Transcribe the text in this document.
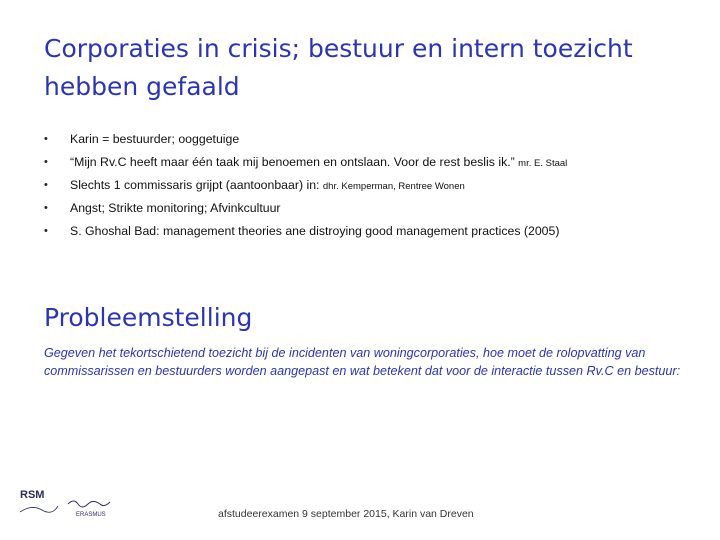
Corporaties in crisis; bestuur en intern toezicht hebben gefaald
•	Karin = bestuurder; ooggetuige
•	“Mijn Rv.C heeft maar één taak mij benoemen en ontslaan. Voor de rest beslis ik.” mr. E. Staal
•	Slechts 1 commissaris grijpt (aantoonbaar) in: dhr. Kemperman, Rentree Wonen
•	Angst; Strikte monitoring; Afvinkcultuur
•	S. Ghoshal Bad: management theories ane distroying good management practices (2005)
Probleemstelling

Gegeven het tekortschietend toezicht bij de incidenten van woningcorporaties, hoe moet de rolopvatting van commissarissen en bestuurders worden aangepast en wat betekent dat voor de interactie tussen Rv.C en bestuur:

RSM
ERASMUS	afstudeerexamen 9 september 2015, Karin van Dreven
